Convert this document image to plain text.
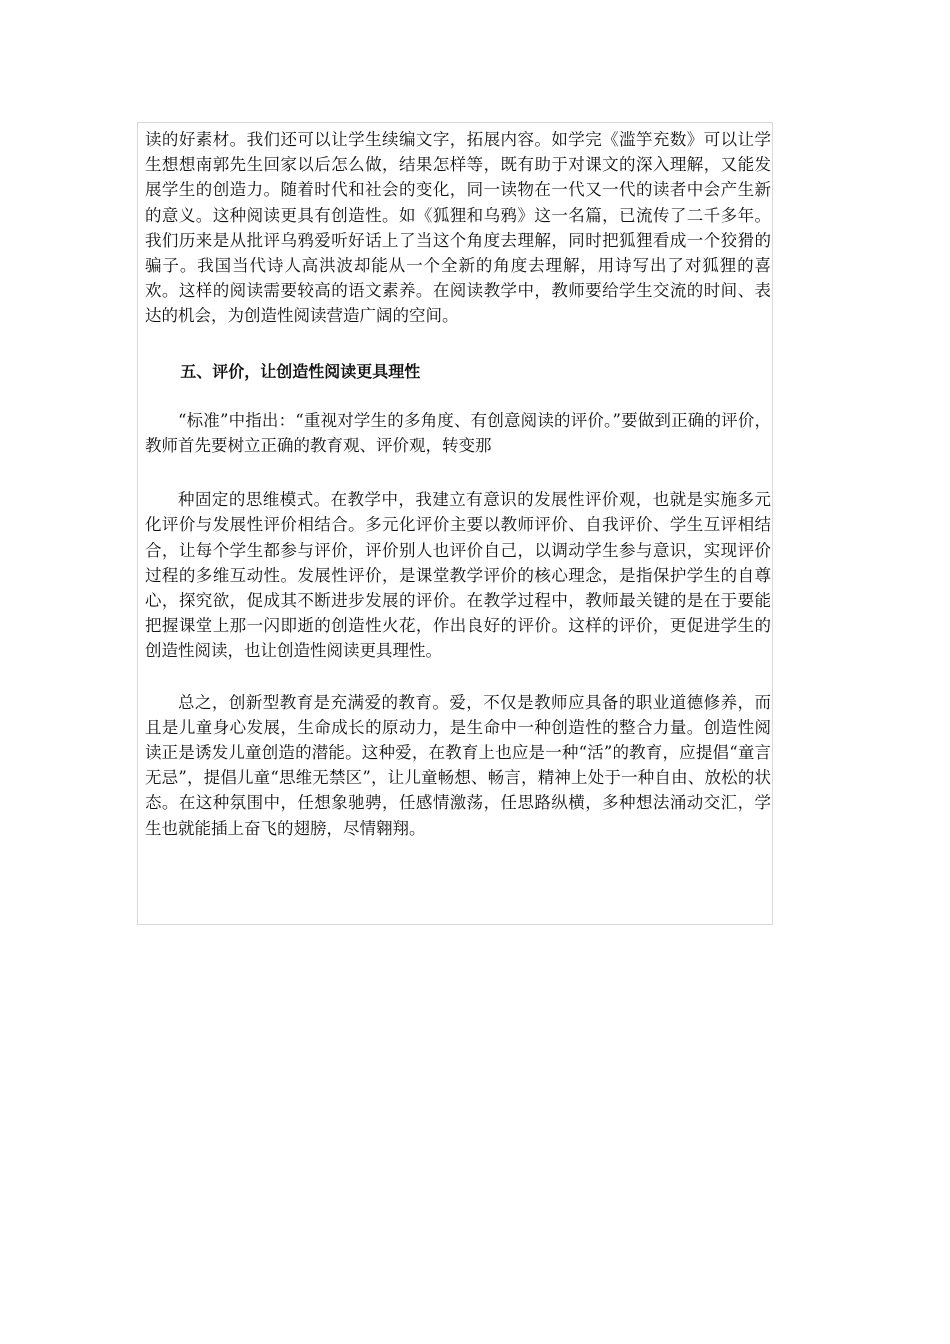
读的好素材。我们还可以让学生续编文字，拓展内容。如学完《滥竽充数》可以让学生想想南郭先生回家以后怎么做，结果怎样等，既有助于对课文的深入理解，又能发展学生的创造力。随着时代和社会的变化，同一读物在一代又一代的读者中会产生新的意义。这种阅读更具有创造性。如《狐狸和乌鸦》这一名篇，已流传了二千多年。我们历来是从批评乌鸦爱听好话上了当这个角度去理解，同时把狐狸看成一个狡猾的骗子。我国当代诗人高洪波却能从一个全新的角度去理解，用诗写出了对狐狸的喜欢。这样的阅读需要较高的语文素养。在阅读教学中，教师要给学生交流的时间、表达的机会，为创造性阅读营造广阔的空间。

五、评价，让创造性阅读更具理性

“标准”中指出：“重视对学生的多角度、有创意阅读的评价。”要做到正确的评价，教师首先要树立正确的教育观、评价观，转变那

种固定的思维模式。在教学中，我建立有意识的发展性评价观，也就是实施多元化评价与发展性评价相结合。多元化评价主要以教师评价、自我评价、学生互评相结合，让每个学生都参与评价，评价别人也评价自己，以调动学生参与意识，实现评价过程的多维互动性。发展性评价，是课堂教学评价的核心理念，是指保护学生的自尊心，探究欲，促成其不断进步发展的评价。在教学过程中，教师最关键的是在于要能把握课堂上那一闪即逝的创造性火花，作出良好的评价。这样的评价，更促进学生的创造性阅读，也让创造性阅读更具理性。

总之，创新型教育是充满爱的教育。爱，不仅是教师应具备的职业道德修养，而且是儿童身心发展，生命成长的原动力，是生命中一种创造性的整合力量。创造性阅读正是诱发儿童创造的潜能。这种爱，在教育上也应是一种“活”的教育，应提倡“童言无忌”，提倡儿童“思维无禁区”，让儿童畅想、畅言，精神上处于一种自由、放松的状态。在这种氛围中，任想象驰骋，任感情激荡，任思路纵横，多种想法涌动交汇，学生也就能插上奋飞的翅膀，尽情翱翔。
